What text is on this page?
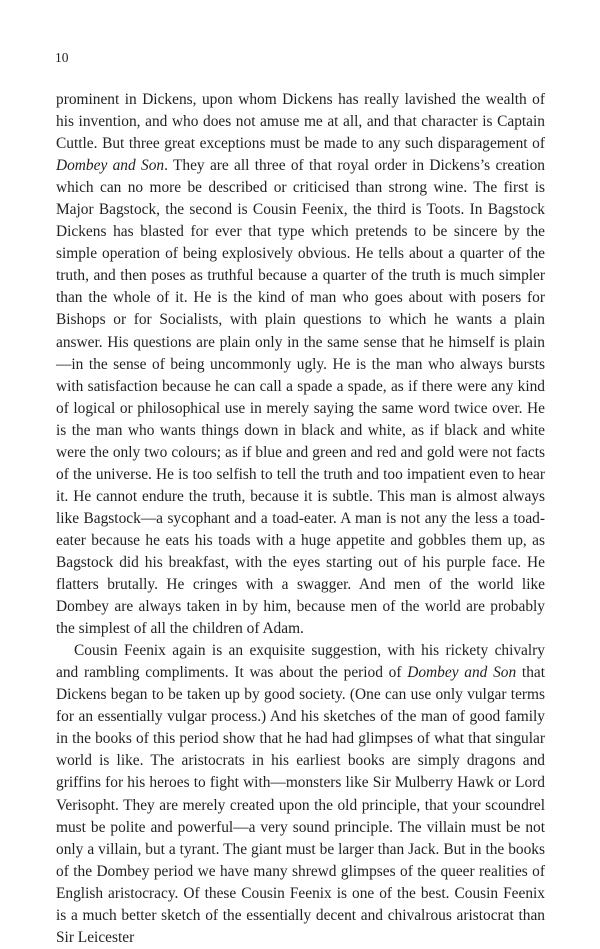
10

prominent in Dickens, upon whom Dickens has really lavished the wealth of his invention, and who does not amuse me at all, and that character is Captain Cuttle. But three great exceptions must be made to any such disparagement of Dombey and Son. They are all three of that royal order in Dickens’s creation which can no more be described or criticised than strong wine. The first is Major Bagstock, the second is Cousin Feenix, the third is Toots. In Bagstock Dickens has blasted for ever that type which pretends to be sincere by the simple operation of being explosively obvious. He tells about a quarter of the truth, and then poses as truthful because a quarter of the truth is much simpler than the whole of it. He is the kind of man who goes about with posers for Bishops or for Socialists, with plain questions to which he wants a plain answer. His questions are plain only in the same sense that he himself is plain—in the sense of being uncommonly ugly. He is the man who always bursts with satisfaction because he can call a spade a spade, as if there were any kind of logical or philosophical use in merely saying the same word twice over. He is the man who wants things down in black and white, as if black and white were the only two colours; as if blue and green and red and gold were not facts of the universe. He is too selfish to tell the truth and too impatient even to hear it. He cannot endure the truth, because it is subtle. This man is almost always like Bagstock—a sycophant and a toad-eater. A man is not any the less a toad-eater because he eats his toads with a huge appetite and gobbles them up, as Bagstock did his breakfast, with the eyes starting out of his purple face. He flatters brutally. He cringes with a swagger. And men of the world like Dombey are always taken in by him, because men of the world are probably the simplest of all the children of Adam.

Cousin Feenix again is an exquisite suggestion, with his rickety chivalry and rambling compliments. It was about the period of Dombey and Son that Dickens began to be taken up by good society. (One can use only vulgar terms for an essentially vulgar process.) And his sketches of the man of good family in the books of this period show that he had had glimpses of what that singular world is like. The aristocrats in his earliest books are simply dragons and griffins for his heroes to fight with—monsters like Sir Mulberry Hawk or Lord Verisopht. They are merely created upon the old principle, that your scoundrel must be polite and powerful—a very sound principle. The villain must be not only a villain, but a tyrant. The giant must be larger than Jack. But in the books of the Dombey period we have many shrewd glimpses of the queer realities of English aristocracy. Of these Cousin Feenix is one of the best. Cousin Feenix is a much better sketch of the essentially decent and chivalrous aristocrat than Sir Leicester
